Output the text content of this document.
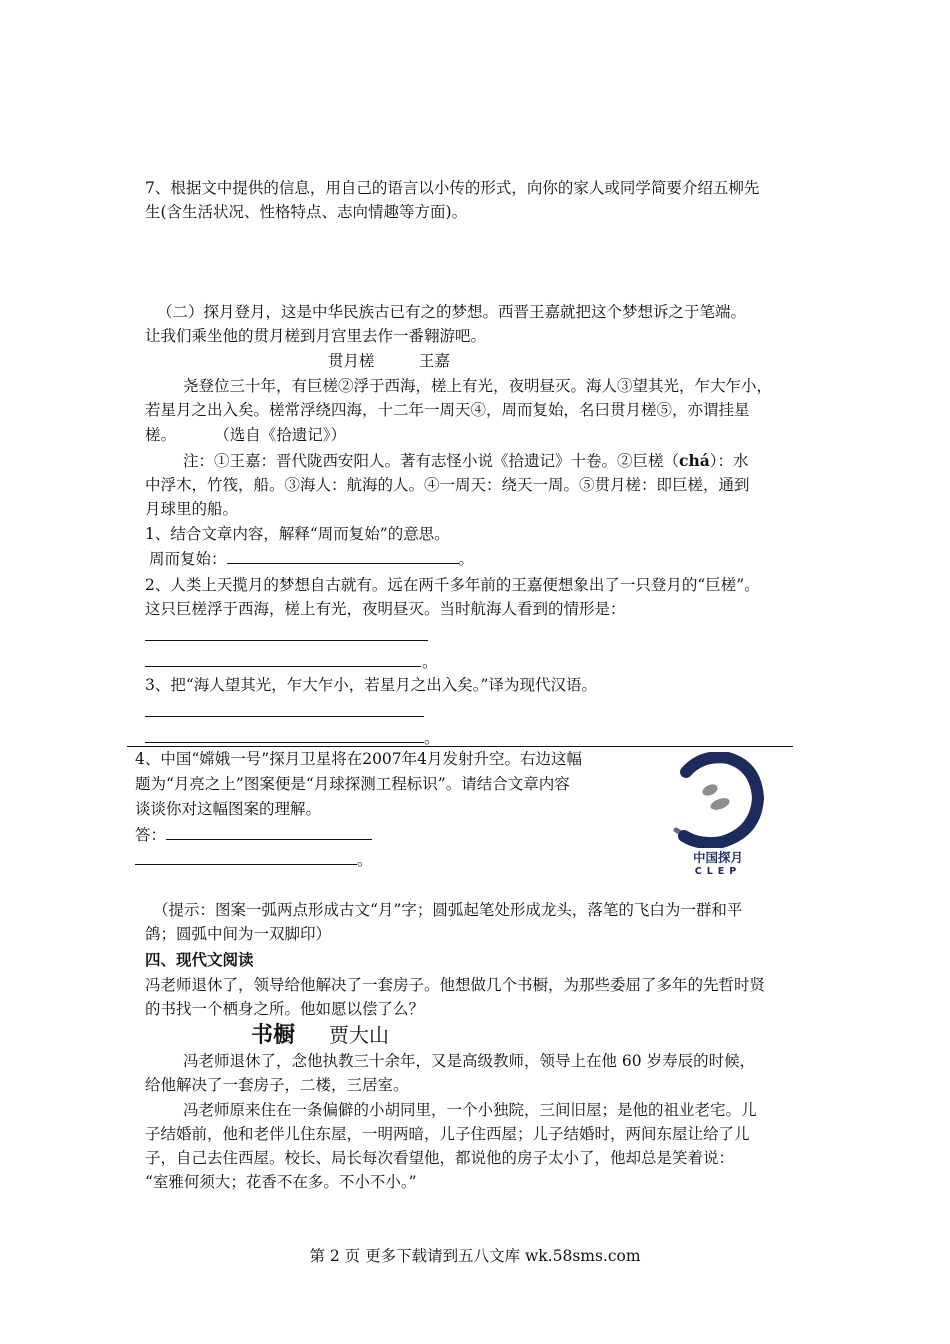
7、根据文中提供的信息，用自己的语言以小传的形式，向你的家人或同学简要介绍五柳先
生(含生活状况、性格特点、志向情趣等方面)。
（二）探月登月，这是中华民族古已有之的梦想。西晋王嘉就把这个梦想诉之于笔端。
让我们乘坐他的贯月槎到月宫里去作一番翱游吧。
贯月槎	王嘉
尧登位三十年，有巨槎②浮于西海，槎上有光，夜明昼灭。海人③望其光，乍大乍小，
若星月之出入矣。槎常浮绕四海，十二年一周天④，周而复始，名曰贯月槎⑤，亦谓挂星
槎。	（选自《拾遗记》）
注：①王嘉：晋代陇西安阳人。著有志怪小说《拾遗记》十卷。②巨槎（chá）：水
中浮木，竹筏，船。③海人：航海的人。④一周天：绕天一周。⑤贯月槎：即巨槎，通到
月球里的船。
1、结合文章内容，解释“周而复始”的意思。
周而复始：	。
2、人类上天揽月的梦想自古就有。远在两千多年前的王嘉便想象出了一只登月的“巨槎”。
这只巨槎浮于西海，槎上有光，夜明昼灭。当时航海人看到的情形是：
。
3、把“海人望其光，乍大乍小，若星月之出入矣。”译为现代汉语。
。
4、中国“嫦娥一号”探月卫星将在2007年4月发射升空。右边这幅
题为“月亮之上”图案便是“月球探测工程标识”。请结合文章内容
谈谈你对这幅图案的理解。
答：
。	中国探月
CLEP
（提示：图案一弧两点形成古文“月”字；圆弧起笔处形成龙头，落笔的飞白为一群和平
鸽；圆弧中间为一双脚印）
四、现代文阅读
冯老师退休了，领导给他解决了一套房子。他想做几个书橱，为那些委屈了多年的先哲时贤
的书找一个栖身之所。他如愿以偿了么？
书橱 贾大山
冯老师退休了，念他执教三十余年，又是高级教师，领导上在他 60 岁寿辰的时候，
给他解决了一套房子，二楼，三居室。
冯老师原来住在一条偏僻的小胡同里，一个小独院，三间旧屋；是他的祖业老宅。儿
子结婚前，他和老伴儿住东屋，一明两暗，儿子住西屋；儿子结婚时，两间东屋让给了儿
子，自己去住西屋。校长、局长每次看望他，都说他的房子太小了，他却总是笑着说：
“室雅何须大；花香不在多。不小不小。”
第 2 页 更多下载请到五八文库 wk.58sms.com
